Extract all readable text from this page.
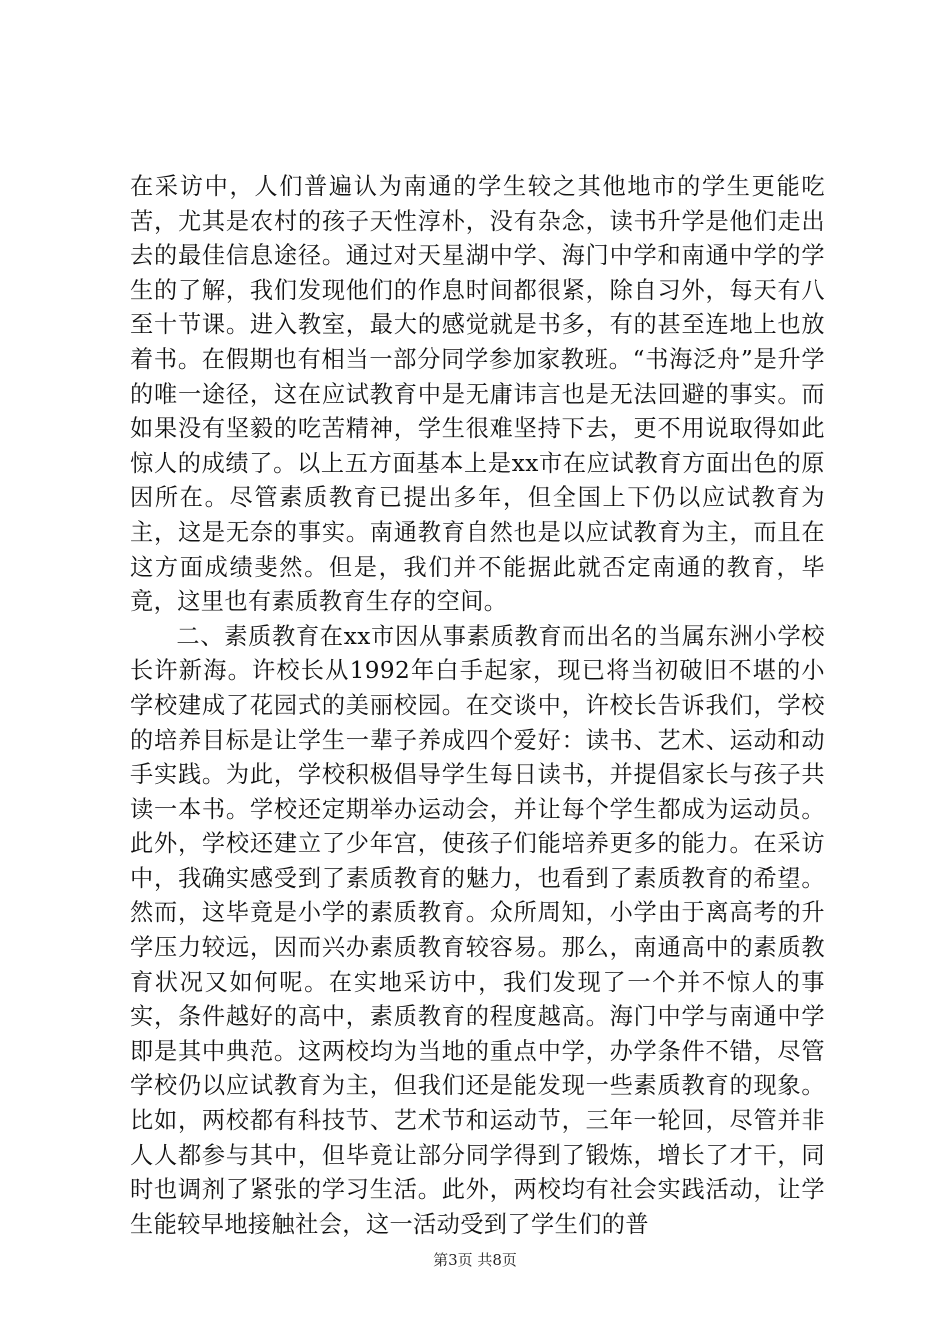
在采访中，人们普遍认为南通的学生较之其他地市的学生更能吃苦，尤其是农村的孩子天性淳朴，没有杂念，读书升学是他们走出去的最佳信息途径。通过对天星湖中学、海门中学和南通中学的学生的了解，我们发现他们的作息时间都很紧，除自习外，每天有八至十节课。进入教室，最大的感觉就是书多，有的甚至连地上也放着书。在假期也有相当一部分同学参加家教班。“书海泛舟”是升学的唯一途径，这在应试教育中是无庸讳言也是无法回避的事实。而如果没有坚毅的吃苦精神，学生很难坚持下去，更不用说取得如此惊人的成绩了。以上五方面基本上是xx市在应试教育方面出色的原因所在。尽管素质教育已提出多年，但全国上下仍以应试教育为主，这是无奈的事实。南通教育自然也是以应试教育为主，而且在这方面成绩斐然。但是，我们并不能据此就否定南通的教育，毕竟，这里也有素质教育生存的空间。

二、素质教育在xx市因从事素质教育而出名的当属东洲小学校长许新海。许校长从1992年白手起家，现已将当初破旧不堪的小学校建成了花园式的美丽校园。在交谈中，许校长告诉我们，学校的培养目标是让学生一辈子养成四个爱好：读书、艺术、运动和动手实践。为此，学校积极倡导学生每日读书，并提倡家长与孩子共读一本书。学校还定期举办运动会，并让每个学生都成为运动员。此外，学校还建立了少年宫，使孩子们能培养更多的能力。在采访中，我确实感受到了素质教育的魅力，也看到了素质教育的希望。然而，这毕竟是小学的素质教育。众所周知，小学由于离高考的升学压力较远，因而兴办素质教育较容易。那么，南通高中的素质教育状况又如何呢。在实地采访中，我们发现了一个并不惊人的事实，条件越好的高中，素质教育的程度越高。海门中学与南通中学即是其中典范。这两校均为当地的重点中学，办学条件不错，尽管学校仍以应试教育为主，但我们还是能发现一些素质教育的现象。比如，两校都有科技节、艺术节和运动节，三年一轮回，尽管并非人人都参与其中，但毕竟让部分同学得到了锻炼，增长了才干，同时也调剂了紧张的学习生活。此外，两校均有社会实践活动，让学生能较早地接触社会，这一活动受到了学生们的普

第3页 共8页
